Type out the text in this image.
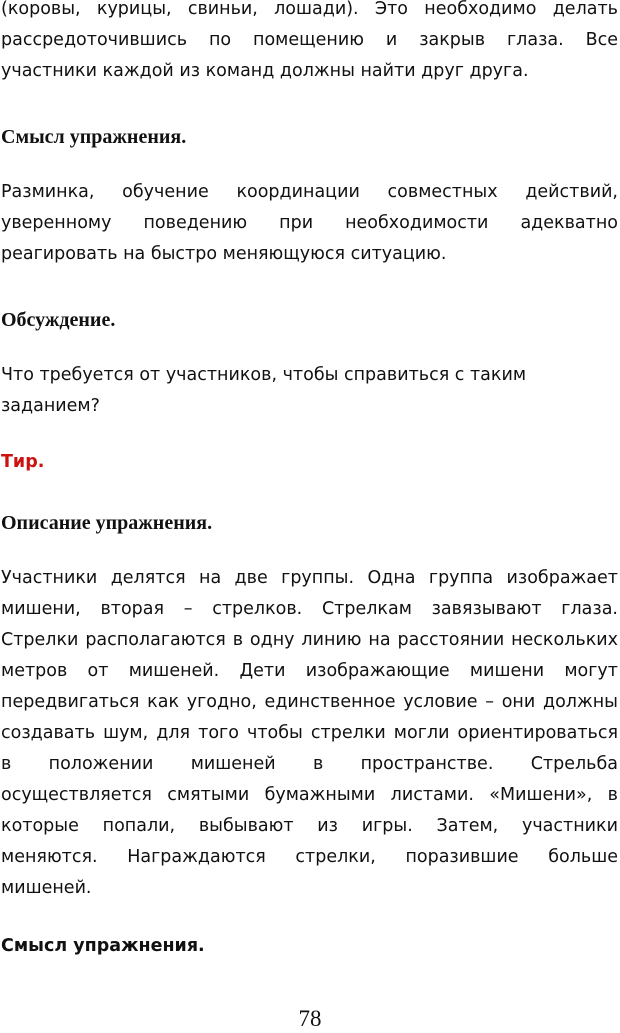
(коровы, курицы, свиньи, лошади). Это необходимо делать
рассредоточившись по помещению и закрыв глаза. Все
участники каждой из команд должны найти друг друга.
Смысл упражнения.
Разминка, обучение координации совместных действий,
уверенному поведению при необходимости адекватно
реагировать на быстро меняющуюся ситуацию.
Обсуждение.
Что требуется от участников, чтобы справиться с таким
заданием?
Тир.
Описание упражнения.
Участники делятся на две группы. Одна группа изображает
мишени, вторая – стрелков. Стрелкам завязывают глаза.
Стрелки располагаются в одну линию на расстоянии нескольких
метров от мишеней. Дети изображающие мишени могут
передвигаться как угодно, единственное условие – они должны
создавать шум, для того чтобы стрелки могли ориентироваться
в положении мишеней в пространстве. Стрельба
осуществляется смятыми бумажными листами. «Мишени», в
которые попали, выбывают из игры. Затем, участники
меняются. Награждаются стрелки, поразившие больше
мишеней.
Смысл упражнения.
78
